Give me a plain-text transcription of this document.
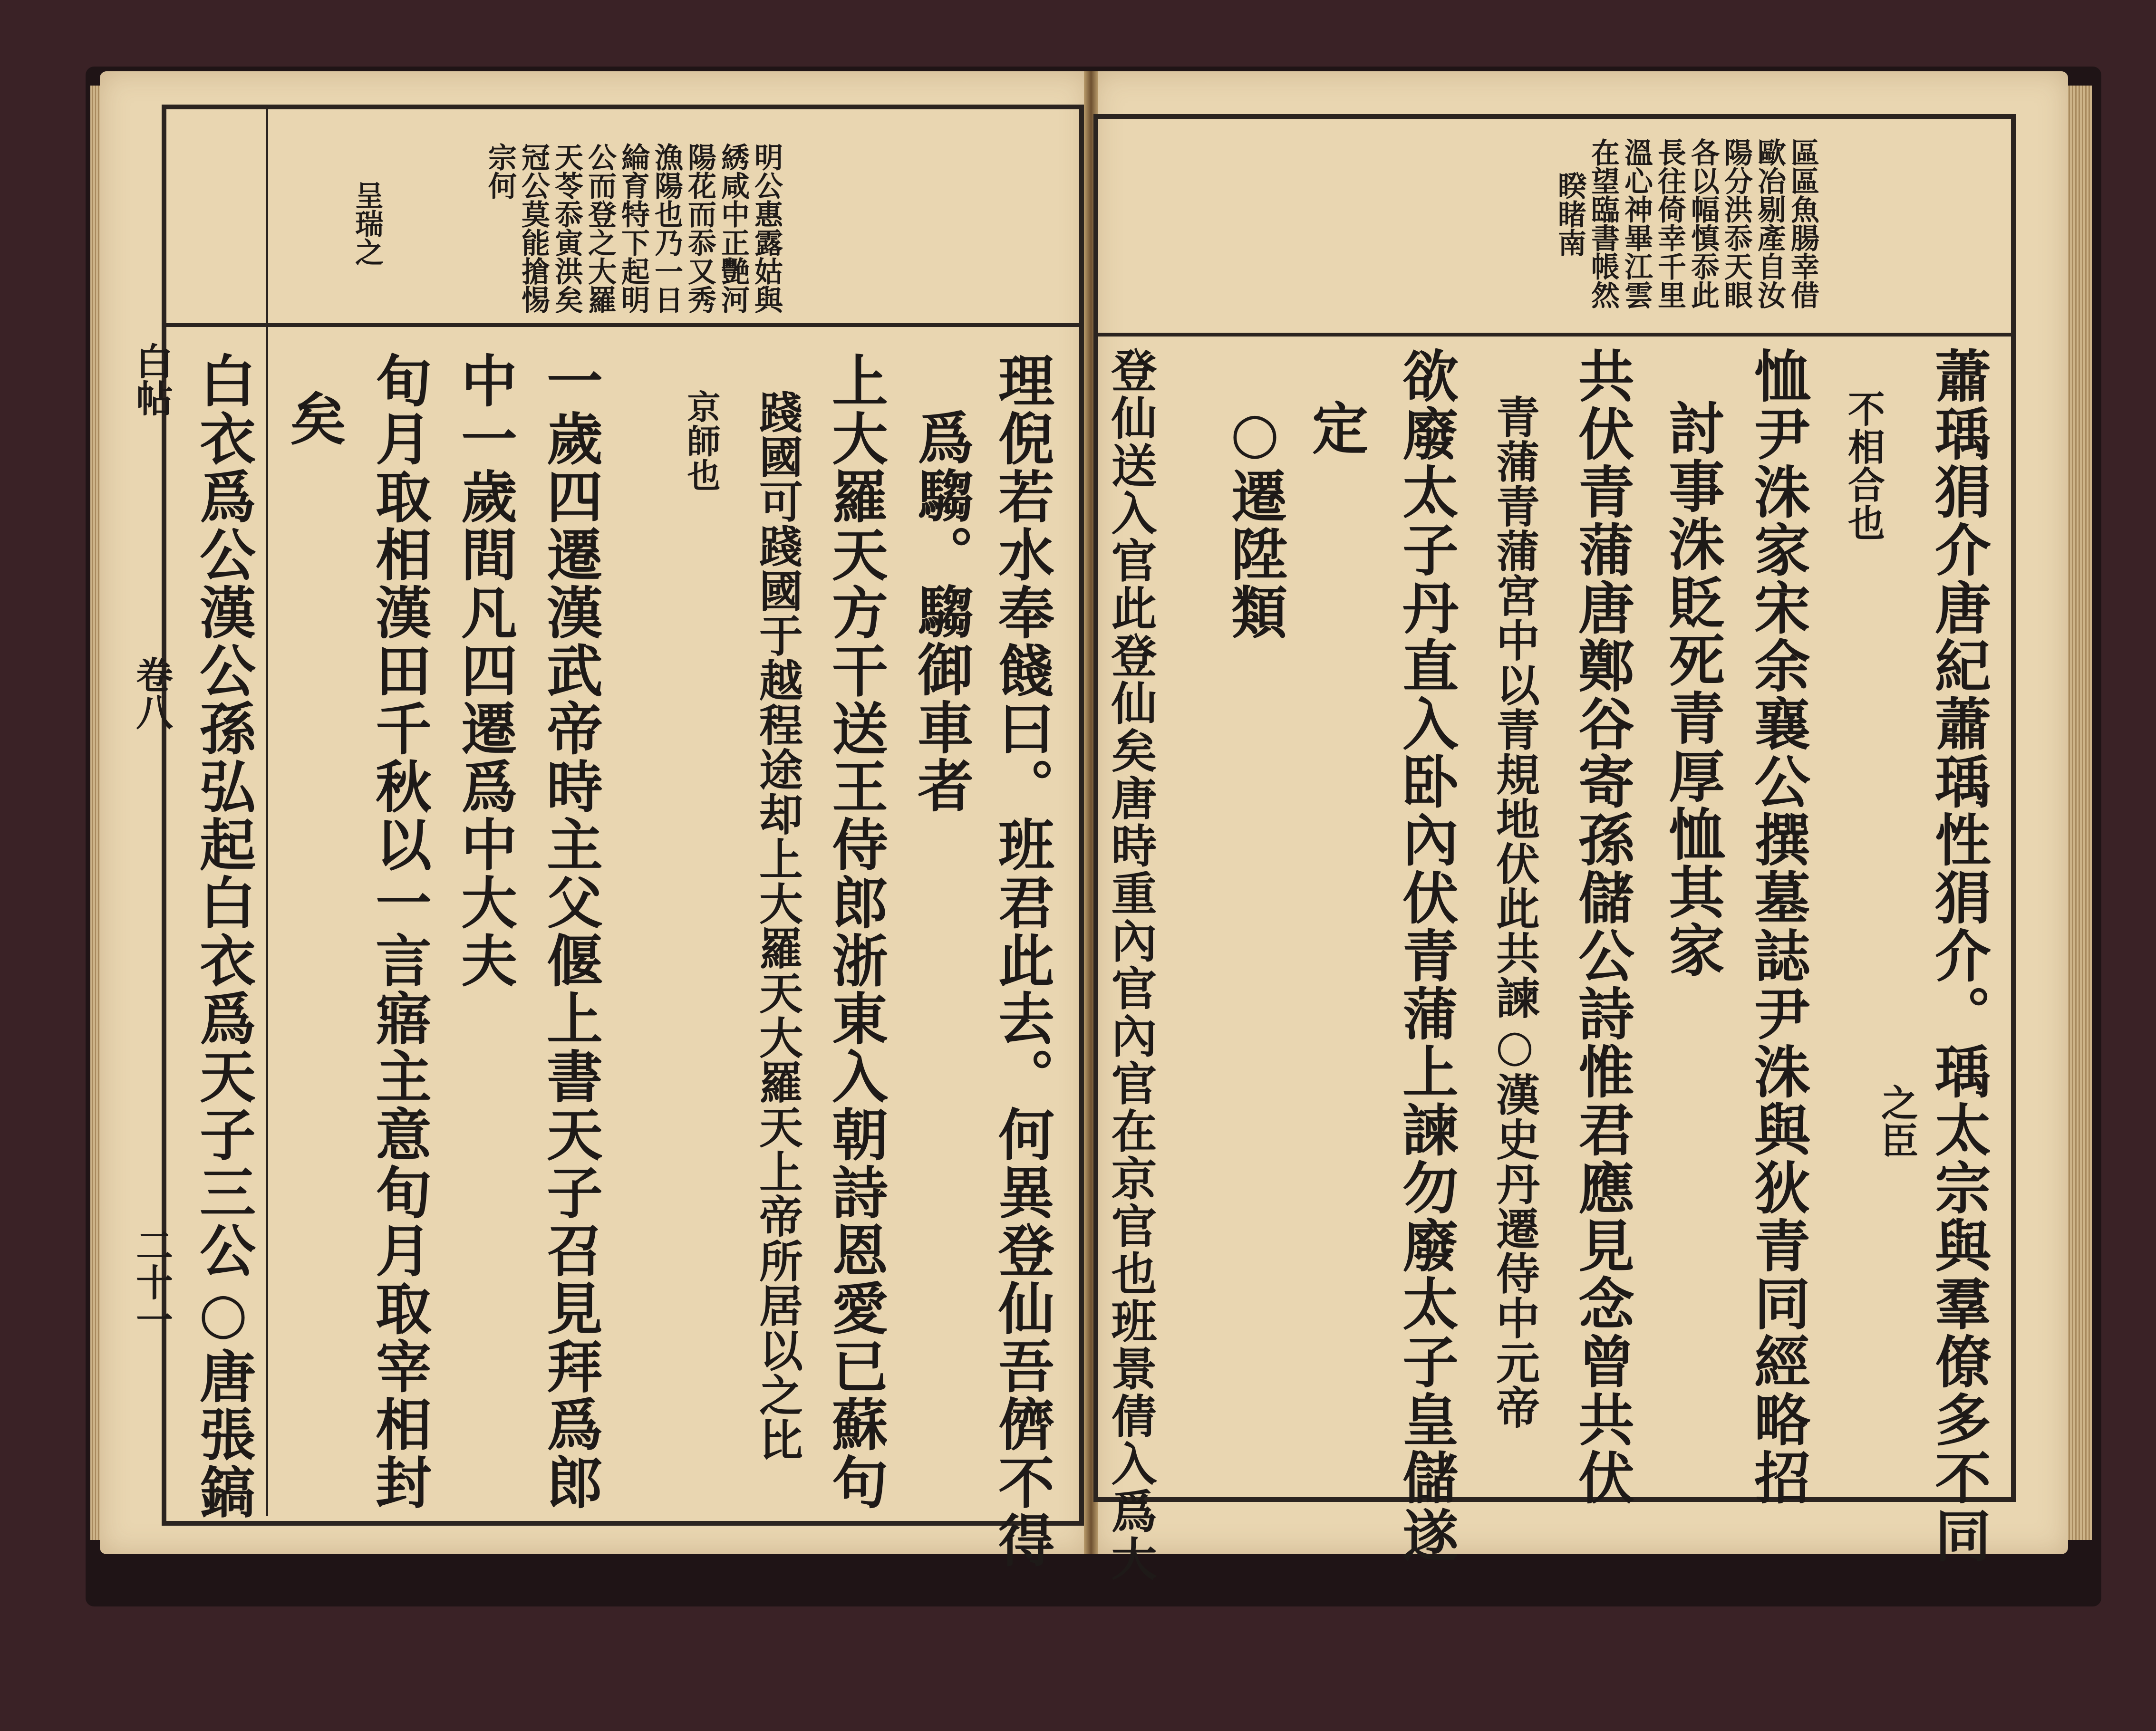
白帖
卷八
二十一
明公惠露姑與
綉咸中正艷河
陽花而忝又秀
漁陽也乃一日
綸育特下起明
公而登之大羅
天苓忝寅洪矣
冠公莫能搶惕
宗何
呈瑞之
理倪若水奉餞曰。班君此去。何異登仙吾儕不得
爲騶。騶御車者
上大羅天方干送王侍郎浙東入朝詩恩愛已蘇句
踐國可踐國于越程途却上大羅天大羅天上帝所居以之比
京師也
一歲四遷漢武帝時主父偃上書天子召見拜爲郎
中一歲間凡四遷爲中大夫
旬月取相漢田千秋以一言寤主意旬月取宰相封
矣
白衣爲公漢公孫弘起白衣爲天子三公○唐張鎬
區區魚腸幸借
歐冶剔產自汝
陽分洪忝天眼
各以幅慎忝此
長往倚幸千里
溫心神畢江雲
在望臨書帳然
睽睹南
蕭瑀狷介唐紀蕭瑀性狷介。瑀太宗與羣僚多不同
之臣
不相合也
恤尹洙家宋余襄公撰墓誌尹洙與狄青同經略招
討事洙貶死青厚恤其家
共伏青蒲唐鄭谷寄孫儲公詩惟君應見念曾共伏
青蒲青蒲宮中以青規地伏此共諫○漢史丹遷侍中元帝
欲廢太子丹直入卧內伏青蒲上諫勿廢太子皇儲遂
定
○遷陞類
登仙送入官此登仙矣唐時重內官內官在京官也班景倩入爲大
